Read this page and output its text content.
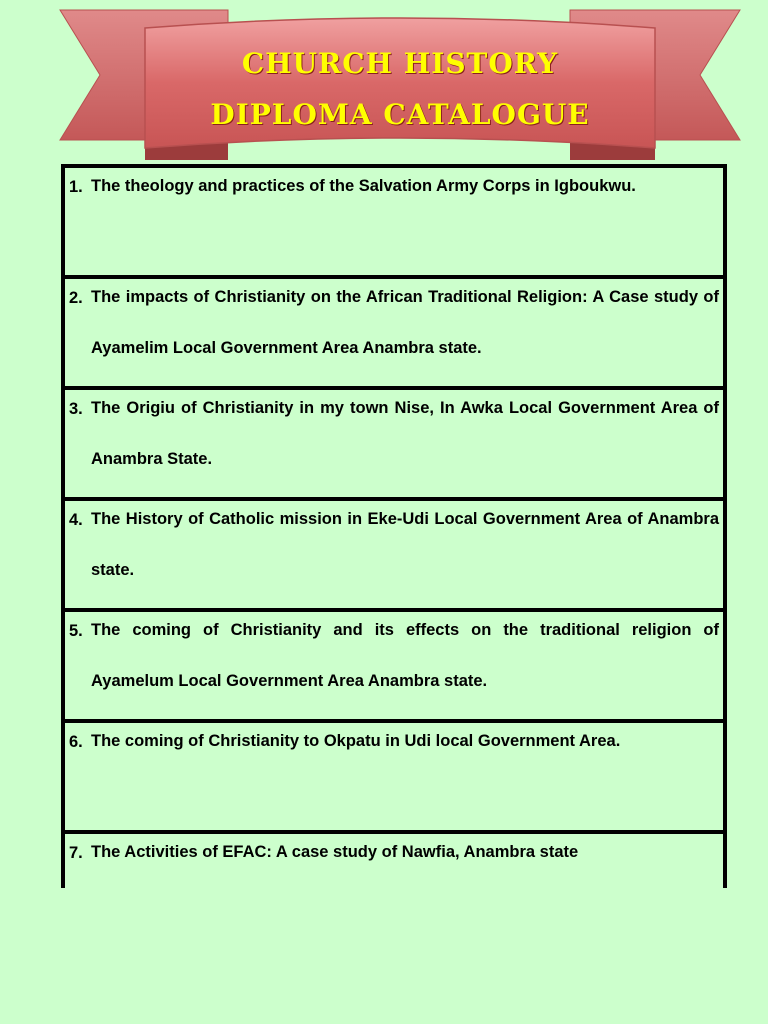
CHURCH HISTORY
DIPLOMA CATALOGUE
1. The theology and practices of the Salvation Army Corps in Igboukwu.
2. The impacts of Christianity on the African Traditional Religion: A Case study of Ayamelim Local Government Area Anambra state.
3. The Origiu of Christianity in my town Nise, In Awka Local Government Area of Anambra State.
4. The History of Catholic mission in Eke-Udi Local Government Area of Anambra state.
5. The coming of Christianity and its effects on the traditional religion of Ayamelum Local Government Area Anambra state.
6. The coming of Christianity to Okpatu in Udi local Government Area.
7. The Activities of EFAC: A case study of Nawfia, Anambra state
